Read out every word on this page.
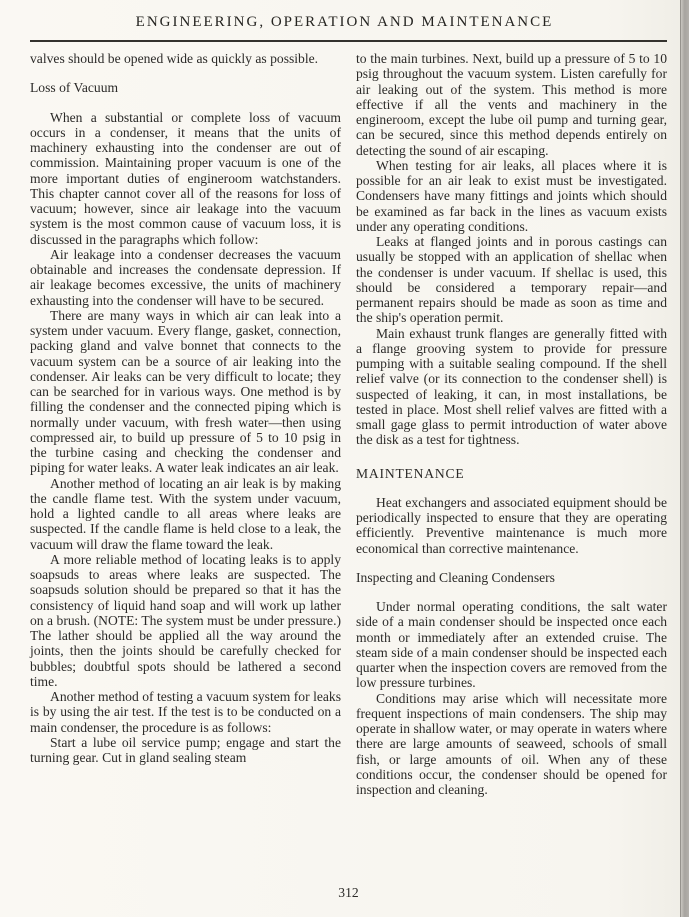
ENGINEERING, OPERATION AND MAINTENANCE

valves should be opened wide as quickly as possible.

Loss of Vacuum

When a substantial or complete loss of vacuum occurs in a condenser, it means that the units of machinery exhausting into the condenser are out of commission. Maintaining proper vacuum is one of the more important duties of engineroom watchstanders. This chapter cannot cover all of the reasons for loss of vacuum; however, since air leakage into the vacuum system is the most common cause of vacuum loss, it is discussed in the paragraphs which follow:

Air leakage into a condenser decreases the vacuum obtainable and increases the condensate depression. If air leakage becomes excessive, the units of machinery exhausting into the condenser will have to be secured.

There are many ways in which air can leak into a system under vacuum. Every flange, gasket, connection, packing gland and valve bonnet that connects to the vacuum system can be a source of air leaking into the condenser. Air leaks can be very difficult to locate; they can be searched for in various ways. One method is by filling the condenser and the connected piping which is normally under vacuum, with fresh water—then using compressed air, to build up pressure of 5 to 10 psig in the turbine casing and checking the condenser and piping for water leaks. A water leak indicates an air leak.

Another method of locating an air leak is by making the candle flame test. With the system under vacuum, hold a lighted candle to all areas where leaks are suspected. If the candle flame is held close to a leak, the vacuum will draw the flame toward the leak.

A more reliable method of locating leaks is to apply soapsuds to areas where leaks are suspected. The soapsuds solution should be prepared so that it has the consistency of liquid hand soap and will work up lather on a brush. (NOTE: The system must be under pressure.) The lather should be applied all the way around the joints, then the joints should be carefully checked for bubbles; doubtful spots should be lathered a second time.

Another method of testing a vacuum system for leaks is by using the air test. If the test is to be conducted on a main condenser, the procedure is as follows:

Start a lube oil service pump; engage and start the turning gear. Cut in gland sealing steam

to the main turbines. Next, build up a pressure of 5 to 10 psig throughout the vacuum system. Listen carefully for air leaking out of the system. This method is more effective if all the vents and machinery in the engineroom, except the lube oil pump and turning gear, can be secured, since this method depends entirely on detecting the sound of air escaping.

When testing for air leaks, all places where it is possible for an air leak to exist must be investigated. Condensers have many fittings and joints which should be examined as far back in the lines as vacuum exists under any operating conditions.

Leaks at flanged joints and in porous castings can usually be stopped with an application of shellac when the condenser is under vacuum. If shellac is used, this should be considered a temporary repair—and permanent repairs should be made as soon as time and the ship's operation permit.

Main exhaust trunk flanges are generally fitted with a flange grooving system to provide for pressure pumping with a suitable sealing compound. If the shell relief valve (or its connection to the condenser shell) is suspected of leaking, it can, in most installations, be tested in place. Most shell relief valves are fitted with a small gage glass to permit introduction of water above the disk as a test for tightness.

MAINTENANCE

Heat exchangers and associated equipment should be periodically inspected to ensure that they are operating efficiently. Preventive maintenance is much more economical than corrective maintenance.

Inspecting and Cleaning Condensers

Under normal operating conditions, the salt water side of a main condenser should be inspected once each month or immediately after an extended cruise. The steam side of a main condenser should be inspected each quarter when the inspection covers are removed from the low pressure turbines.

Conditions may arise which will necessitate more frequent inspections of main condensers. The ship may operate in shallow water, or may operate in waters where there are large amounts of seaweed, schools of small fish, or large amounts of oil. When any of these conditions occur, the condenser should be opened for inspection and cleaning.

312
